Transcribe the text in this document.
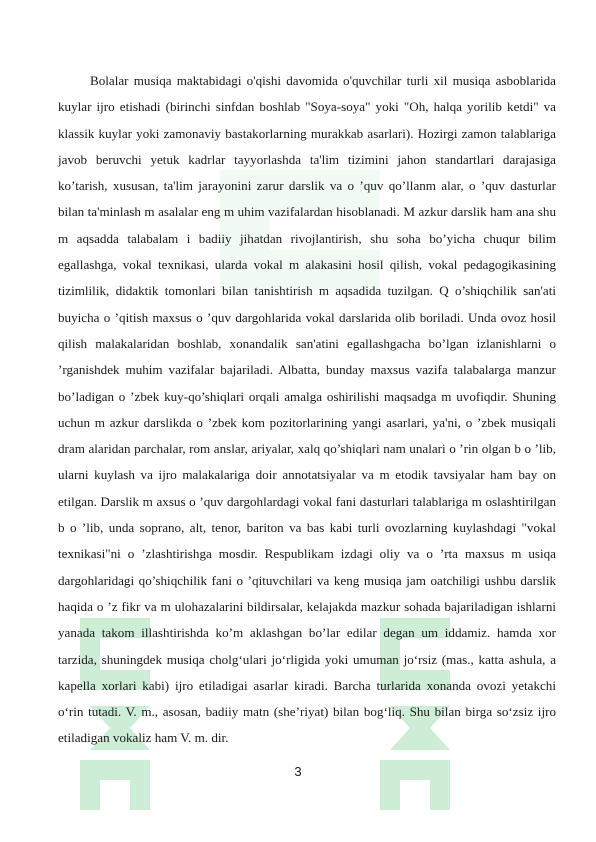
Bolalar musiqa maktabidagi o'qishi davomida o'quvchilar turli xil musiqa asboblarida kuylar ijro etishadi (birinchi sinfdan boshlab "Soya-soya" yoki "Oh, halqa yorilib ketdi" va klassik kuylar yoki zamonaviy bastakorlarning murakkab asarlari). Hozirgi zamon talablariga javob beruvchi yetuk kadrlar tayyorlashda ta'lim tizimini jahon standartlari darajasiga ko’tarish, xususan, ta'lim jarayonini zarur darslik va o ’quv qo’llanm alar, o ’quv dasturlar bilan ta'minlash m asalalar eng m uhim vazifalardan hisoblanadi. M azkur darslik ham ana shu m aqsadda talabalam i badiiy jihatdan rivojlantirish, shu soha bo’yicha chuqur bilim egallashga, vokal texnikasi, ularda vokal m alakasini hosil qilish, vokal pedagogikasining tizimlilik, didaktik tomonlari bilan tanishtirish m aqsadida tuzilgan. Q o’shiqchilik san'ati buyicha o ’qitish maxsus o ’quv dargohlarida vokal darslarida olib boriladi. Unda ovoz hosil qilish malakalaridan boshlab, xonandalik san'atini egallashgacha bo’lgan izlanishlarni o ’rganishdek muhim vazifalar bajariladi. Albatta, bunday maxsus vazifa talabalarga manzur bo’ladigan o ’zbek kuy-qo’shiqlari orqali amalga oshirilishi maqsadga m uvofiqdir. Shuning uchun m azkur darslikda o ’zbek kom pozitorlarining yangi asarlari, ya'ni, o ’zbek musiqali dram alaridan parchalar, rom anslar, ariyalar, xalq qo’shiqlari nam unalari o ’rin olgan b o ’lib, ularni kuylash va ijro malakalariga doir annotatsiyalar va m etodik tavsiyalar ham bay on etilgan. Darslik m axsus o ’quv dargohlardagi vokal fani dasturlari talablariga m oslashtirilgan b o ’lib, unda soprano, alt, tenor, bariton va bas kabi turli ovozlarning kuylashdagi "vokal texnikasi"ni o ’zlashtirishga mosdir. Respublikam izdagi oliy va o ’rta maxsus m usiqa dargohlaridagi qo’shiqchilik fani o ’qituvchilari va keng musiqa jam oatchiligi ushbu darslik haqida o ’z fikr va m ulohazalarini bildirsalar, kelajakda mazkur sohada bajariladigan ishlarni yanada takom illashtirishda ko’m aklashgan bo’lar edilar degan um iddamiz. hamda xor tarzida, shuningdek musiqa cholg‘ulari jo‘rligida yoki umuman jo‘rsiz (mas., katta ashula, a kapella xorlari kabi) ijro etiladigai asarlar kiradi. Barcha turlarida xonanda ovozi yetakchi o‘rin tutadi. V. m., asosan, badiiy matn (she’riyat) bilan bog‘liq. Shu bilan birga so‘zsiz ijro etiladigan vokaliz ham V. m. dir.

3
